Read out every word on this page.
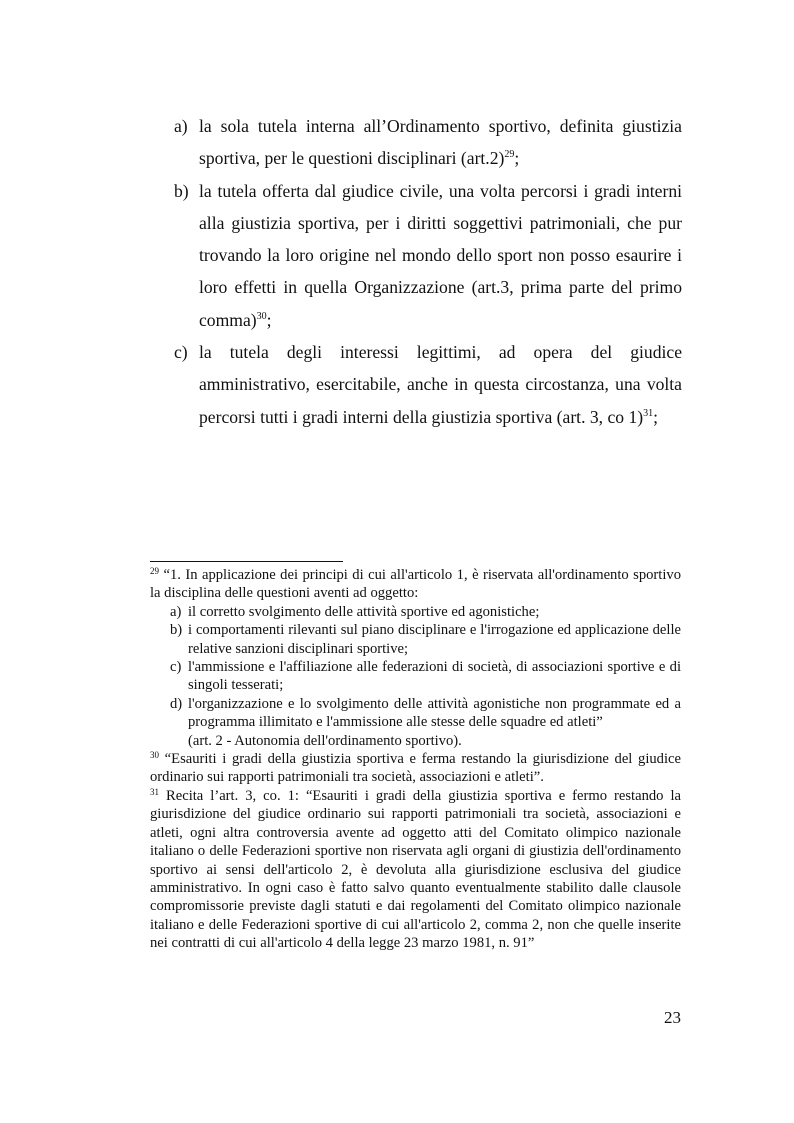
a) la sola tutela interna all’Ordinamento sportivo, definita giustizia sportiva, per le questioni disciplinari $(art.2)^{29}$;
b) la tutela offerta dal giudice civile, una volta percorsi i gradi interni alla giustizia sportiva, per i diritti soggettivi patrimoniali, che pur trovando la loro origine nel mondo dello sport non posso esaurire i loro effetti in quella Organizzazione (art.3, prima parte del primo comma)$^{30}$;
c) la tutela degli interessi legittimi, ad opera del giudice amministrativo, esercitabile, anche in questa circostanza, una volta percorsi tutti i gradi interni della giustizia sportiva (art. 3, co 1)$^{31}$;
$^{29}$ “1. In applicazione dei principi di cui all'articolo 1, è riservata all'ordinamento sportivo la disciplina delle questioni aventi ad oggetto:
a) il corretto svolgimento delle attività sportive ed agonistiche;
b) i comportamenti rilevanti sul piano disciplinare e l'irrogazione ed applicazione delle relative sanzioni disciplinari sportive;
c) l'ammissione e l'affiliazione alle federazioni di società, di associazioni sportive e di singoli tesserati;
d) l'organizzazione e lo svolgimento delle attività agonistiche non programmate ed a programma illimitato e l'ammissione alle stesse delle squadre ed atleti”
(art. 2 - Autonomia dell'ordinamento sportivo).
$^{30}$ “Esauriti i gradi della giustizia sportiva e ferma restando la giurisdizione del giudice ordinario sui rapporti patrimoniali tra società, associazioni e atleti”.
$^{31}$ Recita l’art. 3, co. 1: “Esauriti i gradi della giustizia sportiva e fermo restando la giurisdizione del giudice ordinario sui rapporti patrimoniali tra società, associazioni e atleti, ogni altra controversia avente ad oggetto atti del Comitato olimpico nazionale italiano o delle Federazioni sportive non riservata agli organi di giustizia dell'ordinamento sportivo ai sensi dell'articolo 2, è devoluta alla giurisdizione esclusiva del giudice amministrativo. In ogni caso è fatto salvo quanto eventualmente stabilito dalle clausole compromissorie previste dagli statuti e dai regolamenti del Comitato olimpico nazionale italiano e delle Federazioni sportive di cui all'articolo 2, comma 2, non che quelle inserite nei contratti di cui all'articolo 4 della legge 23 marzo 1981, n. 91”
23
